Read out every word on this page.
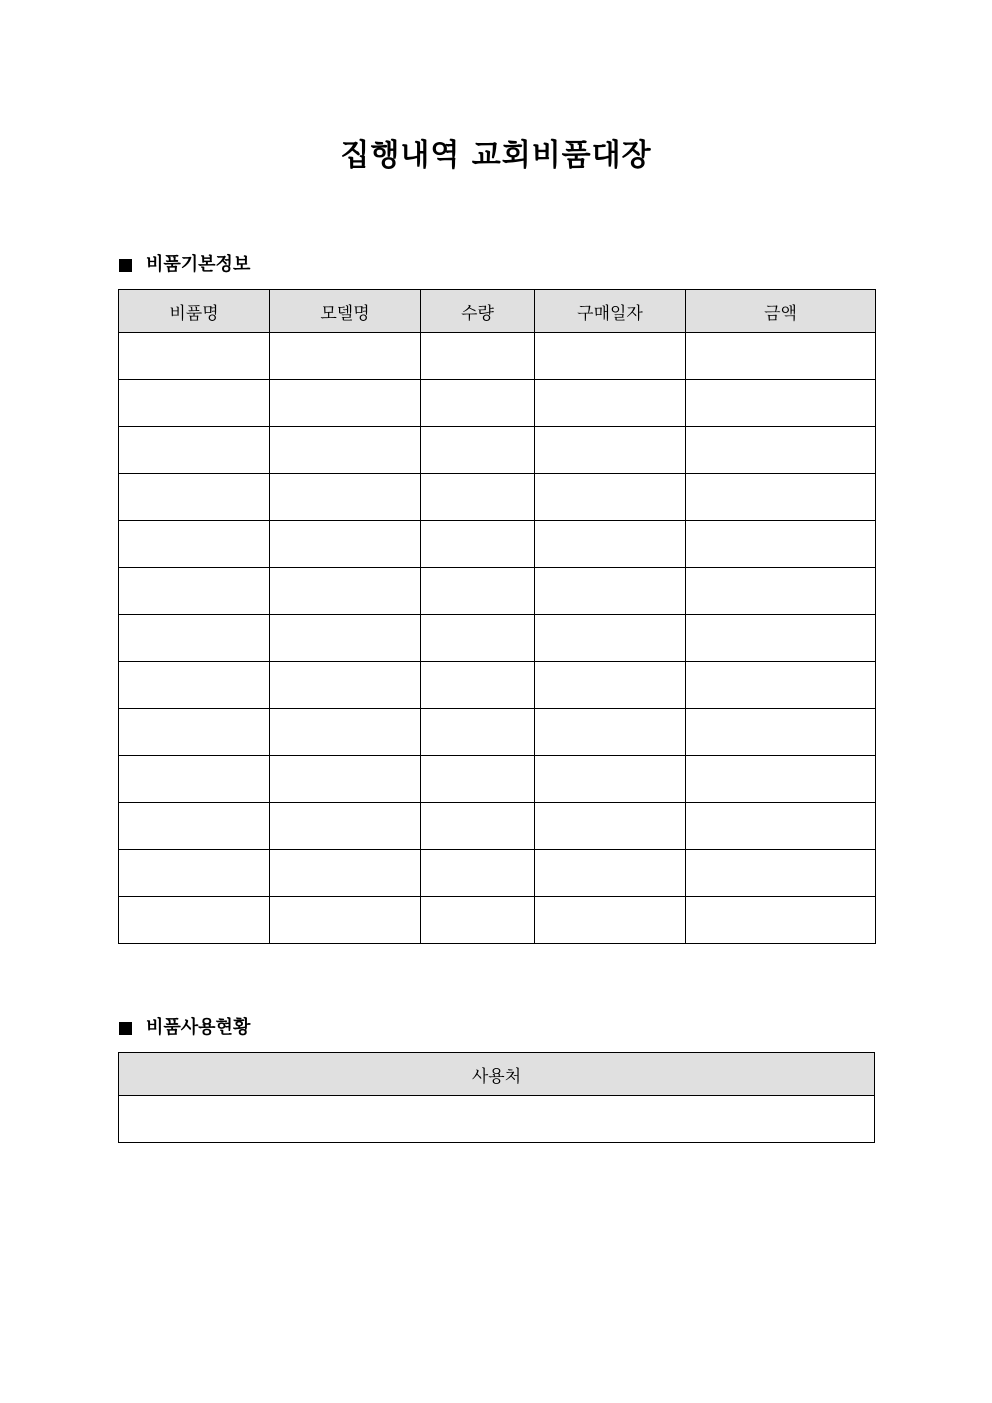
집행내역 교회비품대장
비품기본정보
비품명	모델명	수량	구매일자	금액

비품사용현황
사용처
